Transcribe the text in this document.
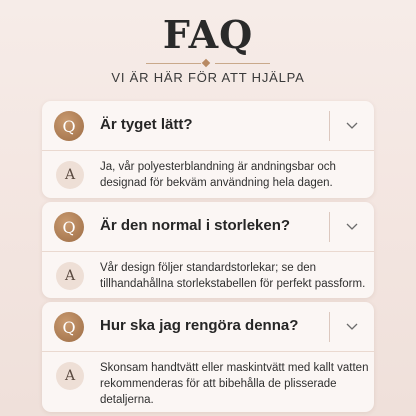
FAQ
VI ÄR HÄR FÖR ATT HJÄLPA
Q	Är tyget lätt?
A	Ja, vår polyesterblandning är andningsbar och designad för bekväm användning hela dagen.
Q	Är den normal i storleken?
A	Vår design följer standardstorlekar; se den tillhandahållna storlekstabellen för perfekt passform.
Q	Hur ska jag rengöra denna?
A	Skonsam handtvätt eller maskintvätt med kallt vatten rekommenderas för att bibehålla de plisserade detaljerna.
